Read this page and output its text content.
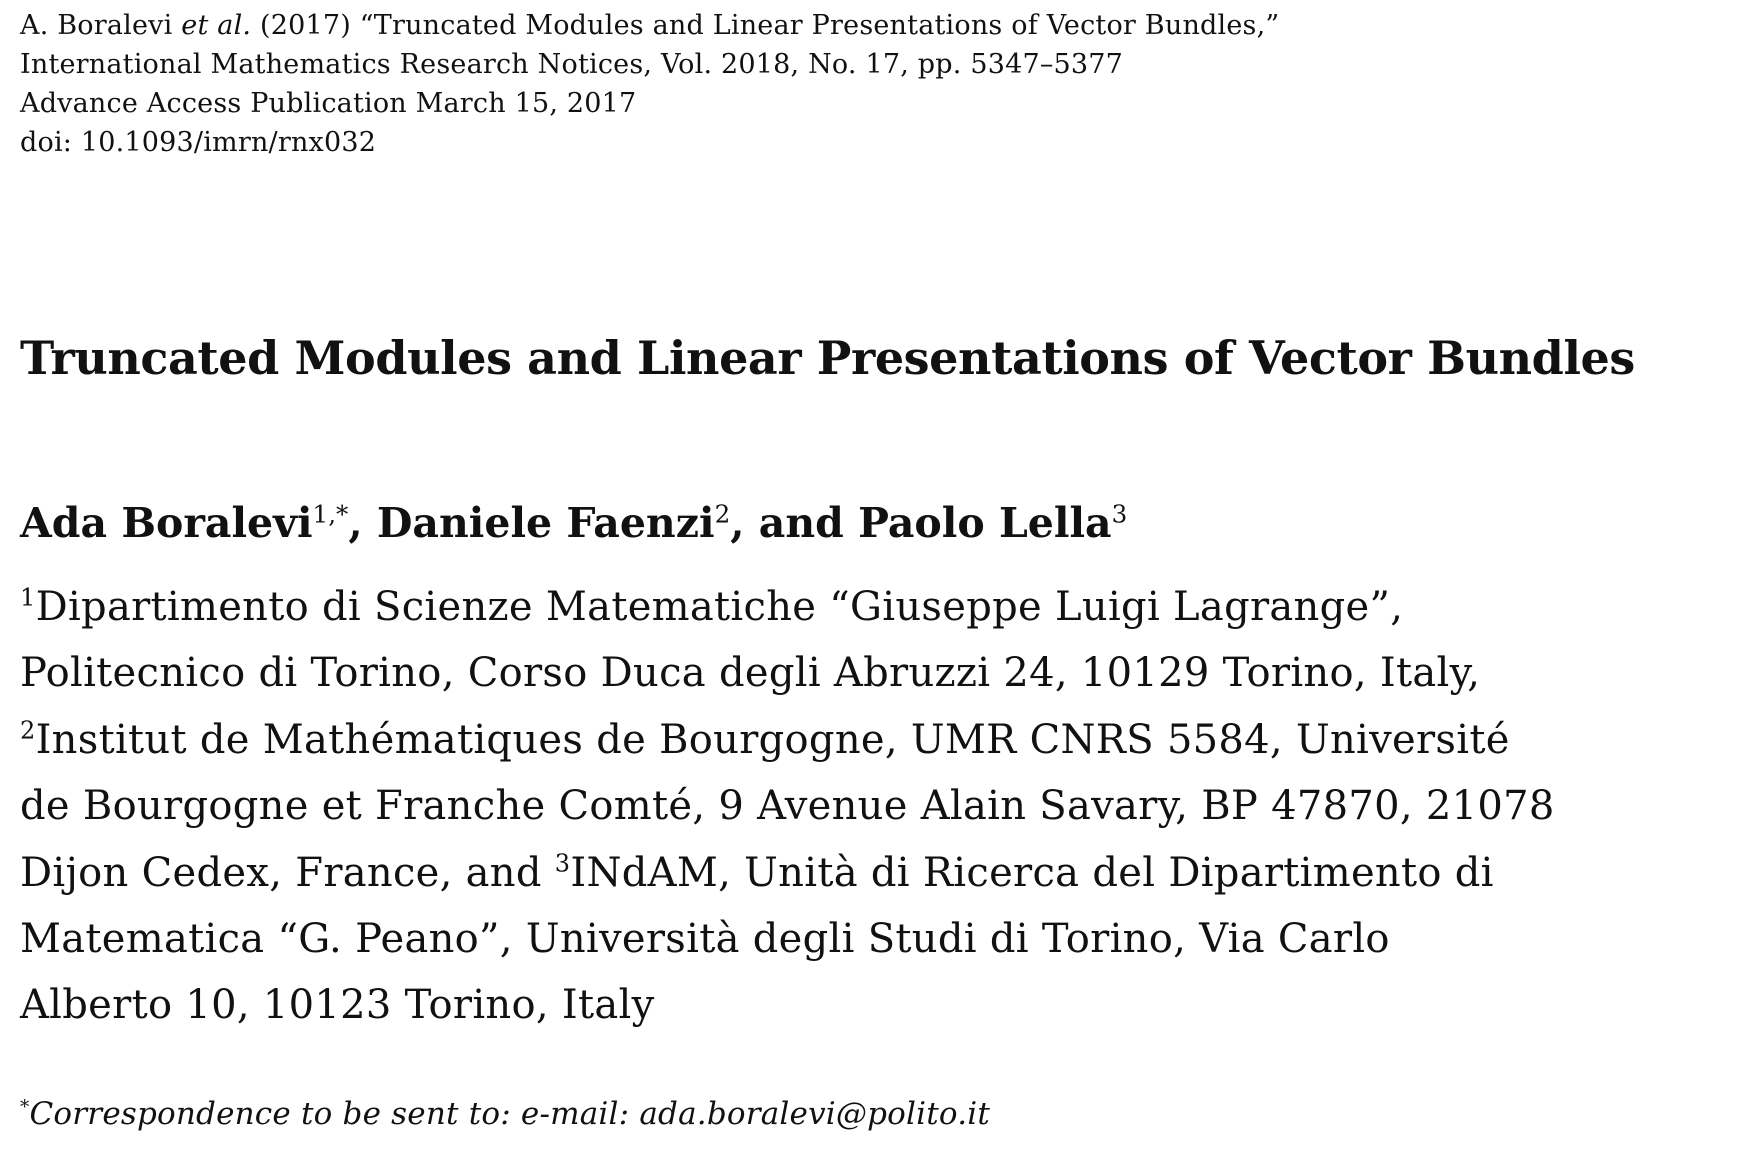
A. Boralevi et al. (2017) “Truncated Modules and Linear Presentations of Vector Bundles,”
International Mathematics Research Notices, Vol. 2018, No. 17, pp. 5347–5377
Advance Access Publication March 15, 2017
doi: 10.1093/imrn/rnx032
Truncated Modules and Linear Presentations of Vector Bundles
Ada Boralevi$^{1,*}$, Daniele Faenzi$^2$, and Paolo Lella$^3$
$^1$Dipartimento di Scienze Matematiche “Giuseppe Luigi Lagrange”,
Politecnico di Torino, Corso Duca degli Abruzzi 24, 10129 Torino, Italy,
$^2$Institut de Mathématiques de Bourgogne, UMR CNRS 5584, Université
de Bourgogne et Franche Comté, 9 Avenue Alain Savary, BP 47870, 21078
Dijon Cedex, France, and $^3$INdAM, Unità di Ricerca del Dipartimento di
Matematica “G. Peano”, Università degli Studi di Torino, Via Carlo
Alberto 10, 10123 Torino, Italy
*Correspondence to be sent to: e-mail: ada.boralevi@polito.it
